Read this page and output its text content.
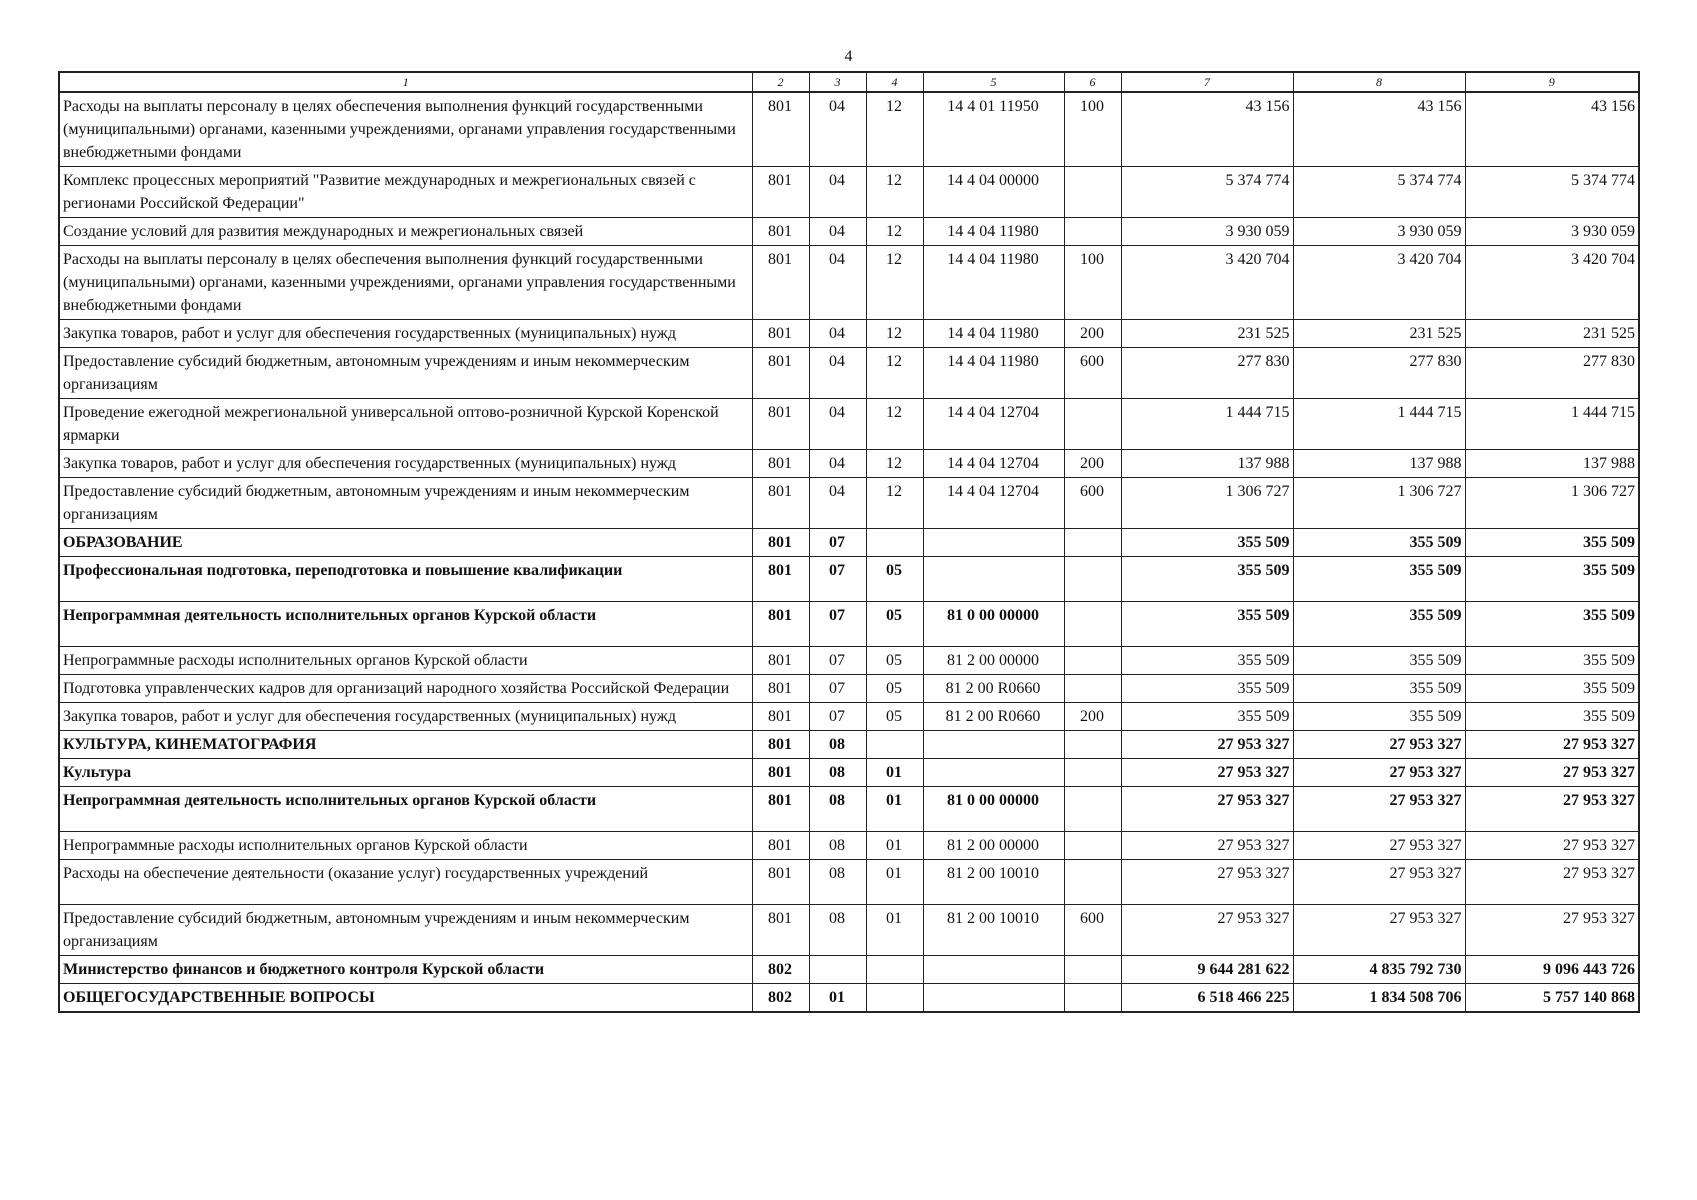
4
1	2	3	4	5	6	7	8	9
Расходы на выплаты персоналу в целях обеспечения выполнения функций государственными (муниципальными) органами, казенными учреждениями, органами управления государственными внебюджетными фондами	801	04	12	14 4 01 11950	100	43 156	43 156	43 156
Комплекс процессных мероприятий "Развитие международных и межрегиональных связей с регионами Российской Федерации"	801	04	12	14 4 04 00000		5 374 774	5 374 774	5 374 774
Создание условий для развития международных и межрегиональных связей	801	04	12	14 4 04 11980		3 930 059	3 930 059	3 930 059
Расходы на выплаты персоналу в целях обеспечения выполнения функций государственными (муниципальными) органами, казенными учреждениями, органами управления государственными внебюджетными фондами	801	04	12	14 4 04 11980	100	3 420 704	3 420 704	3 420 704
Закупка товаров, работ и услуг для обеспечения государственных (муниципальных) нужд	801	04	12	14 4 04 11980	200	231 525	231 525	231 525
Предоставление субсидий бюджетным, автономным учреждениям и иным некоммерческим организациям	801	04	12	14 4 04 11980	600	277 830	277 830	277 830
Проведение ежегодной межрегиональной универсальной оптово-розничной Курской Коренской ярмарки	801	04	12	14 4 04 12704		1 444 715	1 444 715	1 444 715
Закупка товаров, работ и услуг для обеспечения государственных (муниципальных) нужд	801	04	12	14 4 04 12704	200	137 988	137 988	137 988
Предоставление субсидий бюджетным, автономным учреждениям и иным некоммерческим организациям	801	04	12	14 4 04 12704	600	1 306 727	1 306 727	1 306 727
ОБРАЗОВАНИЕ	801	07				355 509	355 509	355 509
Профессиональная подготовка, переподготовка и повышение квалификации	801	07	05			355 509	355 509	355 509
Непрограммная деятельность исполнительных органов Курской области	801	07	05	81 0 00 00000		355 509	355 509	355 509
Непрограммные расходы исполнительных органов Курской области	801	07	05	81 2 00 00000		355 509	355 509	355 509
Подготовка управленческих кадров для организаций народного хозяйства Российской Федерации	801	07	05	81 2 00 R0660		355 509	355 509	355 509
Закупка товаров, работ и услуг для обеспечения государственных (муниципальных) нужд	801	07	05	81 2 00 R0660	200	355 509	355 509	355 509
КУЛЬТУРА, КИНЕМАТОГРАФИЯ	801	08				27 953 327	27 953 327	27 953 327
Культура	801	08	01			27 953 327	27 953 327	27 953 327
Непрограммная деятельность исполнительных органов Курской области	801	08	01	81 0 00 00000		27 953 327	27 953 327	27 953 327
Непрограммные расходы исполнительных органов Курской области	801	08	01	81 2 00 00000		27 953 327	27 953 327	27 953 327
Расходы на обеспечение деятельности (оказание услуг) государственных учреждений	801	08	01	81 2 00 10010		27 953 327	27 953 327	27 953 327
Предоставление субсидий бюджетным, автономным учреждениям и иным некоммерческим организациям	801	08	01	81 2 00 10010	600	27 953 327	27 953 327	27 953 327
Министерство финансов и бюджетного контроля Курской области	802					9 644 281 622	4 835 792 730	9 096 443 726
ОБЩЕГОСУДАРСТВЕННЫЕ ВОПРОСЫ	802	01				6 518 466 225	1 834 508 706	5 757 140 868
